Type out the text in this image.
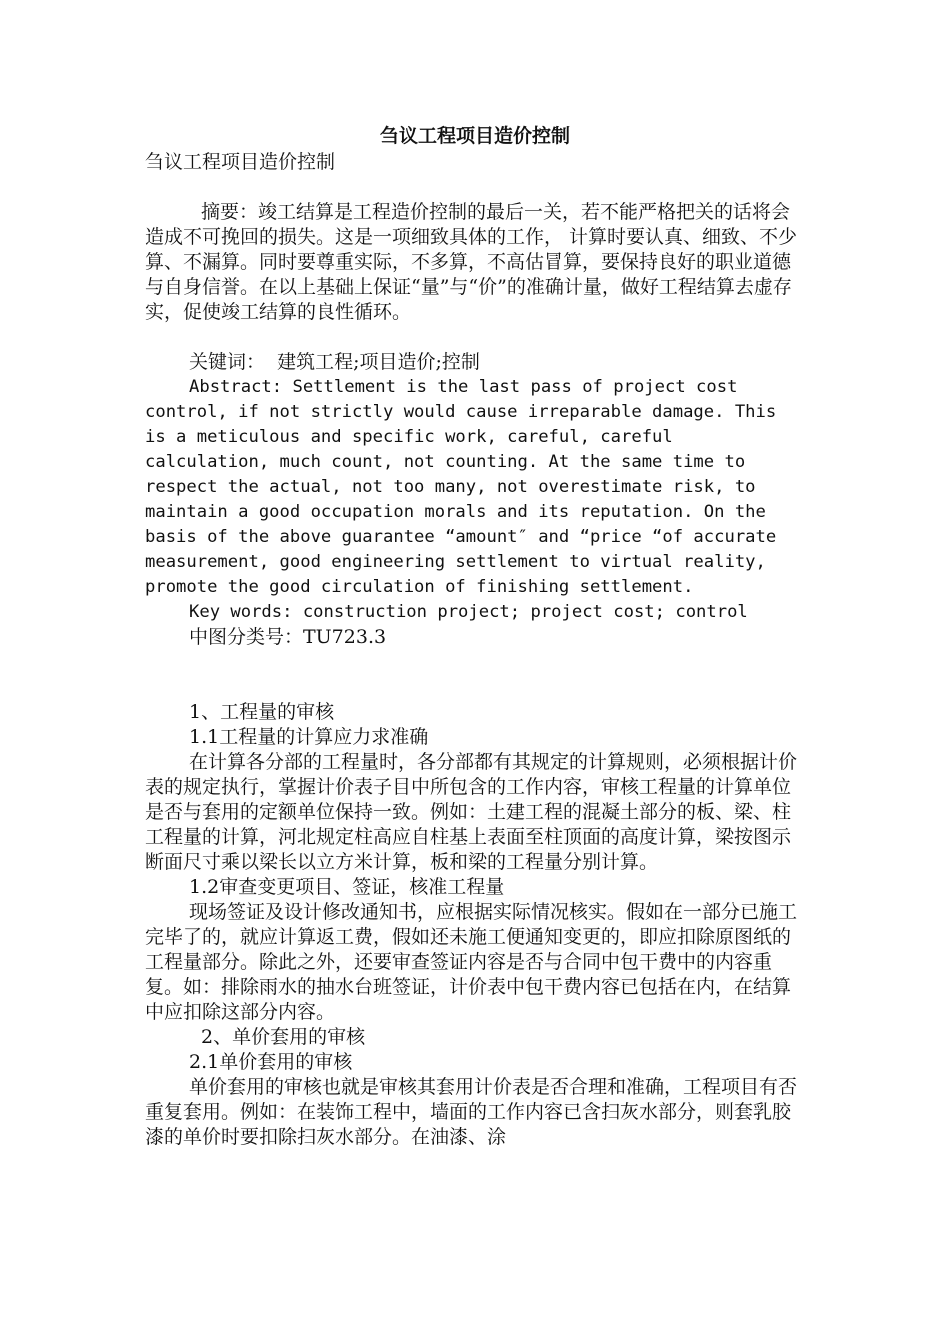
刍议工程项目造价控制

刍议工程项目造价控制

摘要：竣工结算是工程造价控制的最后一关，若不能严格把关的话将会造成不可挽回的损失。这是一项细致具体的工作， 计算时要认真、细致、不少算、不漏算。同时要尊重实际，不多算，不高估冒算，要保持良好的职业道德与自身信誉。在以上基础上保证“量”与“价”的准确计量，做好工程结算去虚存实，促使竣工结算的良性循环。

关键词：  建筑工程;项目造价;控制

Abstract: Settlement is the last pass of project cost control, if not strictly would cause irreparable damage. This is a meticulous and specific work, careful, careful calculation, much count, not counting. At the same time to respect the actual, not too many, not overestimate risk, to maintain a good occupation morals and its reputation. On the basis of the above guarantee “amount″ and “price “of accurate measurement, good engineering settlement to virtual reality, promote the good circulation of finishing settlement.

Key words: construction project; project cost; control

中图分类号：TU723.3

1、工程量的审核

1.1工程量的计算应力求准确

在计算各分部的工程量时，各分部都有其规定的计算规则，必须根据计价表的规定执行，掌握计价表子目中所包含的工作内容，审核工程量的计算单位是否与套用的定额单位保持一致。例如：土建工程的混凝土部分的板、梁、柱工程量的计算，河北规定柱高应自柱基上表面至柱顶面的高度计算，梁按图示断面尺寸乘以梁长以立方米计算，板和梁的工程量分别计算。

1.2审查变更项目、签证，核准工程量

现场签证及设计修改通知书，应根据实际情况核实。假如在一部分已施工完毕了的，就应计算返工费，假如还未施工便通知变更的，即应扣除原图纸的工程量部分。除此之外，还要审查签证内容是否与合同中包干费中的内容重复。如：排除雨水的抽水台班签证，计价表中包干费内容已包括在内，在结算中应扣除这部分内容。

2、单价套用的审核

2.1单价套用的审核

单价套用的审核也就是审核其套用计价表是否合理和准确，工程项目有否重复套用。例如：在装饰工程中，墙面的工作内容已含扫灰水部分，则套乳胶漆的单价时要扣除扫灰水部分。在油漆、涂
